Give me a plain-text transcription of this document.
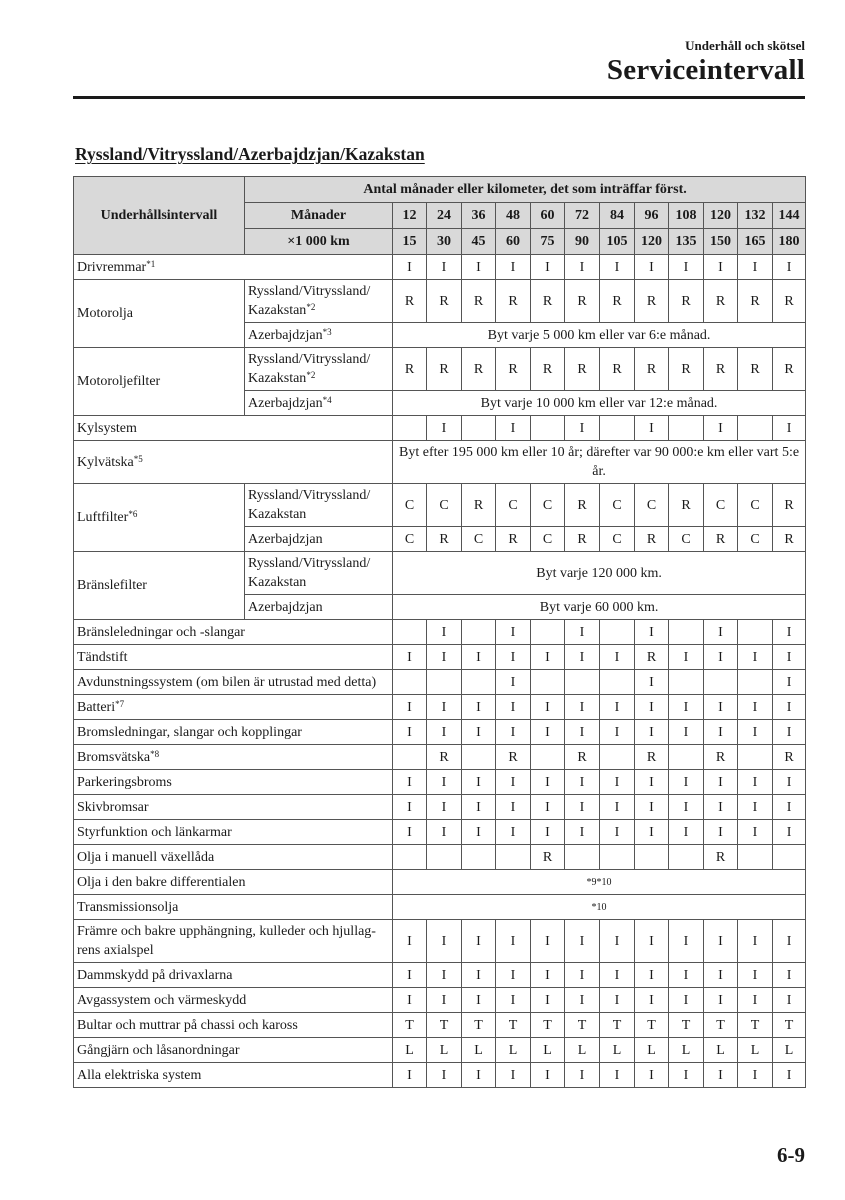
Underhåll och skötsel
Serviceintervall
Ryssland/Vitryssland/Azerbajdzjan/Kazakstan
Underhållsintervall	Antal månader eller kilometer, det som inträffar först.												
	Månader	12	24	36	48	60	72	84	96	108	120	132	144
	×1 000 km	15	30	45	60	75	90	105	120	135	150	165	180
Drivremmar$^{*1}$		I	I	I	I	I	I	I	I	I	I	I	I
Motorolja	Ryssland/Vitryssland/ Kazakstan$^{*2}$	R	R	R	R	R	R	R	R	R	R	R	R
	Azerbajdzjan$^{*3}$	Byt varje 5 000 km eller var 6:e månad.											
Motoroljefilter	Ryssland/Vitryssland/ Kazakstan$^{*2}$	R	R	R	R	R	R	R	R	R	R	R	R
	Azerbajdzjan$^{*4}$	Byt varje 10 000 km eller var 12:e månad.											
Kylsystem			I		I		I		I		I		I
Kylvätska$^{*5}$		Byt efter 195 000 km eller 10 år; därefter var 90 000:e km eller vart 5:e år.											
Luftfilter$^{*6}$	Ryssland/Vitryssland/ Kazakstan	C	C	R	C	C	R	C	C	R	C	C	R
	Azerbajdzjan	C	R	C	R	C	R	C	R	C	R	C	R
Bränslefilter	Ryssland/Vitryssland/ Kazakstan	Byt varje 120 000 km.											
	Azerbajdzjan	Byt varje 60 000 km.											
Bränsleledningar och -slangar			I		I		I		I		I		I
Tändstift		I	I	I	I	I	I	I	R	I	I	I	I
Avdunstningssystem (om bilen är utrustad med detta)					I				I				I
Batteri$^{*7}$		I	I	I	I	I	I	I	I	I	I	I	I
Bromsledningar, slangar och kopplingar		I	I	I	I	I	I	I	I	I	I	I	I
Bromsvätska$^{*8}$			R		R		R		R		R		R
Parkeringsbroms		I	I	I	I	I	I	I	I	I	I	I	I
Skivbromsar		I	I	I	I	I	I	I	I	I	I	I	I
Styrfunktion och länkarmar		I	I	I	I	I	I	I	I	I	I	I	I
Olja i manuell växellåda						R					R		
Olja i den bakre differentialen		*9*10											
Transmissionsolja		*10											
Främre och bakre upphängning, kulleder och hjullag- rens axialspel		I	I	I	I	I	I	I	I	I	I	I	I
Dammskydd på drivaxlarna		I	I	I	I	I	I	I	I	I	I	I	I
Avgassystem och värmeskydd		I	I	I	I	I	I	I	I	I	I	I	I
Bultar och muttrar på chassi och kaross		T	T	T	T	T	T	T	T	T	T	T	T
Gångjärn och låsanordningar		L	L	L	L	L	L	L	L	L	L	L	L
Alla elektriska system		I	I	I	I	I	I	I	I	I	I	I	I
6-9
